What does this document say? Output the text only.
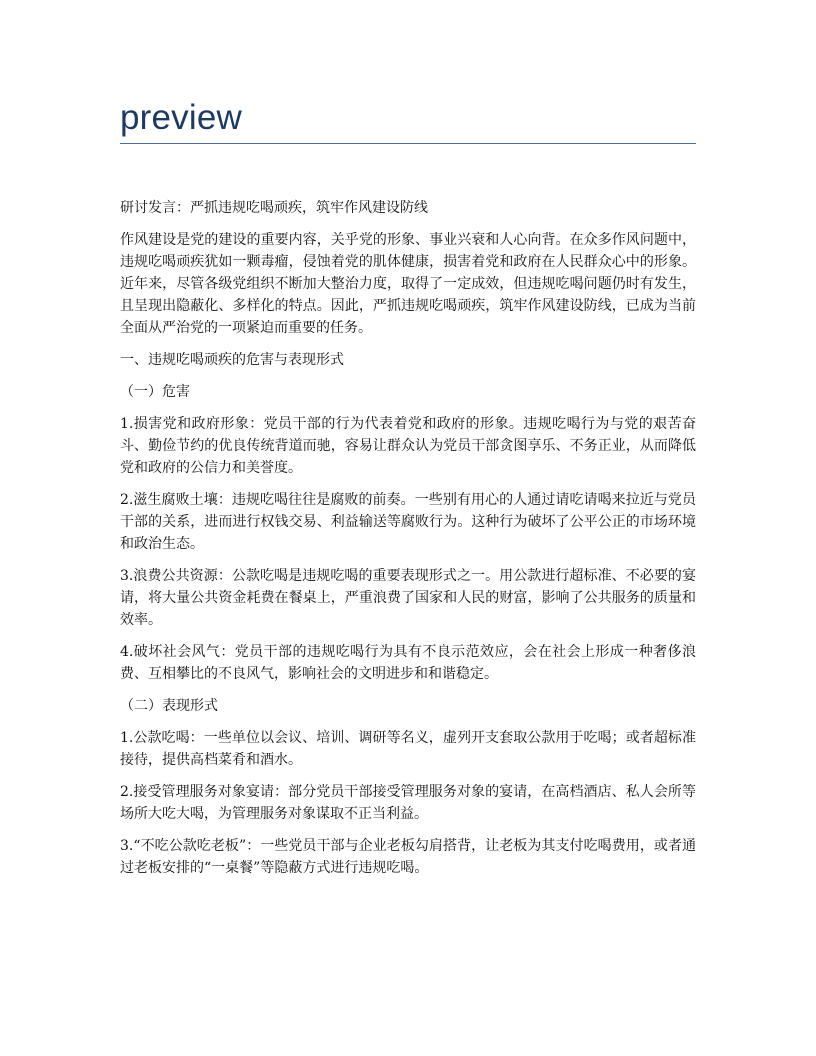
preview

研讨发言：严抓违规吃喝顽疾，筑牢作风建设防线

作风建设是党的建设的重要内容，关乎党的形象、事业兴衰和人心向背。在众多作风问题中，违规吃喝顽疾犹如一颗毒瘤，侵蚀着党的肌体健康，损害着党和政府在人民群众心中的形象。近年来，尽管各级党组织不断加大整治力度，取得了一定成效，但违规吃喝问题仍时有发生，且呈现出隐蔽化、多样化的特点。因此，严抓违规吃喝顽疾，筑牢作风建设防线，已成为当前全面从严治党的一项紧迫而重要的任务。

一、违规吃喝顽疾的危害与表现形式

（一）危害

1.损害党和政府形象：党员干部的行为代表着党和政府的形象。违规吃喝行为与党的艰苦奋斗、勤俭节约的优良传统背道而驰，容易让群众认为党员干部贪图享乐、不务正业，从而降低党和政府的公信力和美誉度。

2.滋生腐败土壤：违规吃喝往往是腐败的前奏。一些别有用心的人通过请吃请喝来拉近与党员干部的关系，进而进行权钱交易、利益输送等腐败行为。这种行为破坏了公平公正的市场环境和政治生态。

3.浪费公共资源：公款吃喝是违规吃喝的重要表现形式之一。用公款进行超标准、不必要的宴请，将大量公共资金耗费在餐桌上，严重浪费了国家和人民的财富，影响了公共服务的质量和效率。

4.破坏社会风气：党员干部的违规吃喝行为具有不良示范效应，会在社会上形成一种奢侈浪费、互相攀比的不良风气，影响社会的文明进步和和谐稳定。

（二）表现形式

1.公款吃喝：一些单位以会议、培训、调研等名义，虚列开支套取公款用于吃喝；或者超标准接待，提供高档菜肴和酒水。

2.接受管理服务对象宴请：部分党员干部接受管理服务对象的宴请，在高档酒店、私人会所等场所大吃大喝，为管理服务对象谋取不正当利益。

3.“不吃公款吃老板”：一些党员干部与企业老板勾肩搭背，让老板为其支付吃喝费用，或者通过老板安排的“一桌餐”等隐蔽方式进行违规吃喝。
